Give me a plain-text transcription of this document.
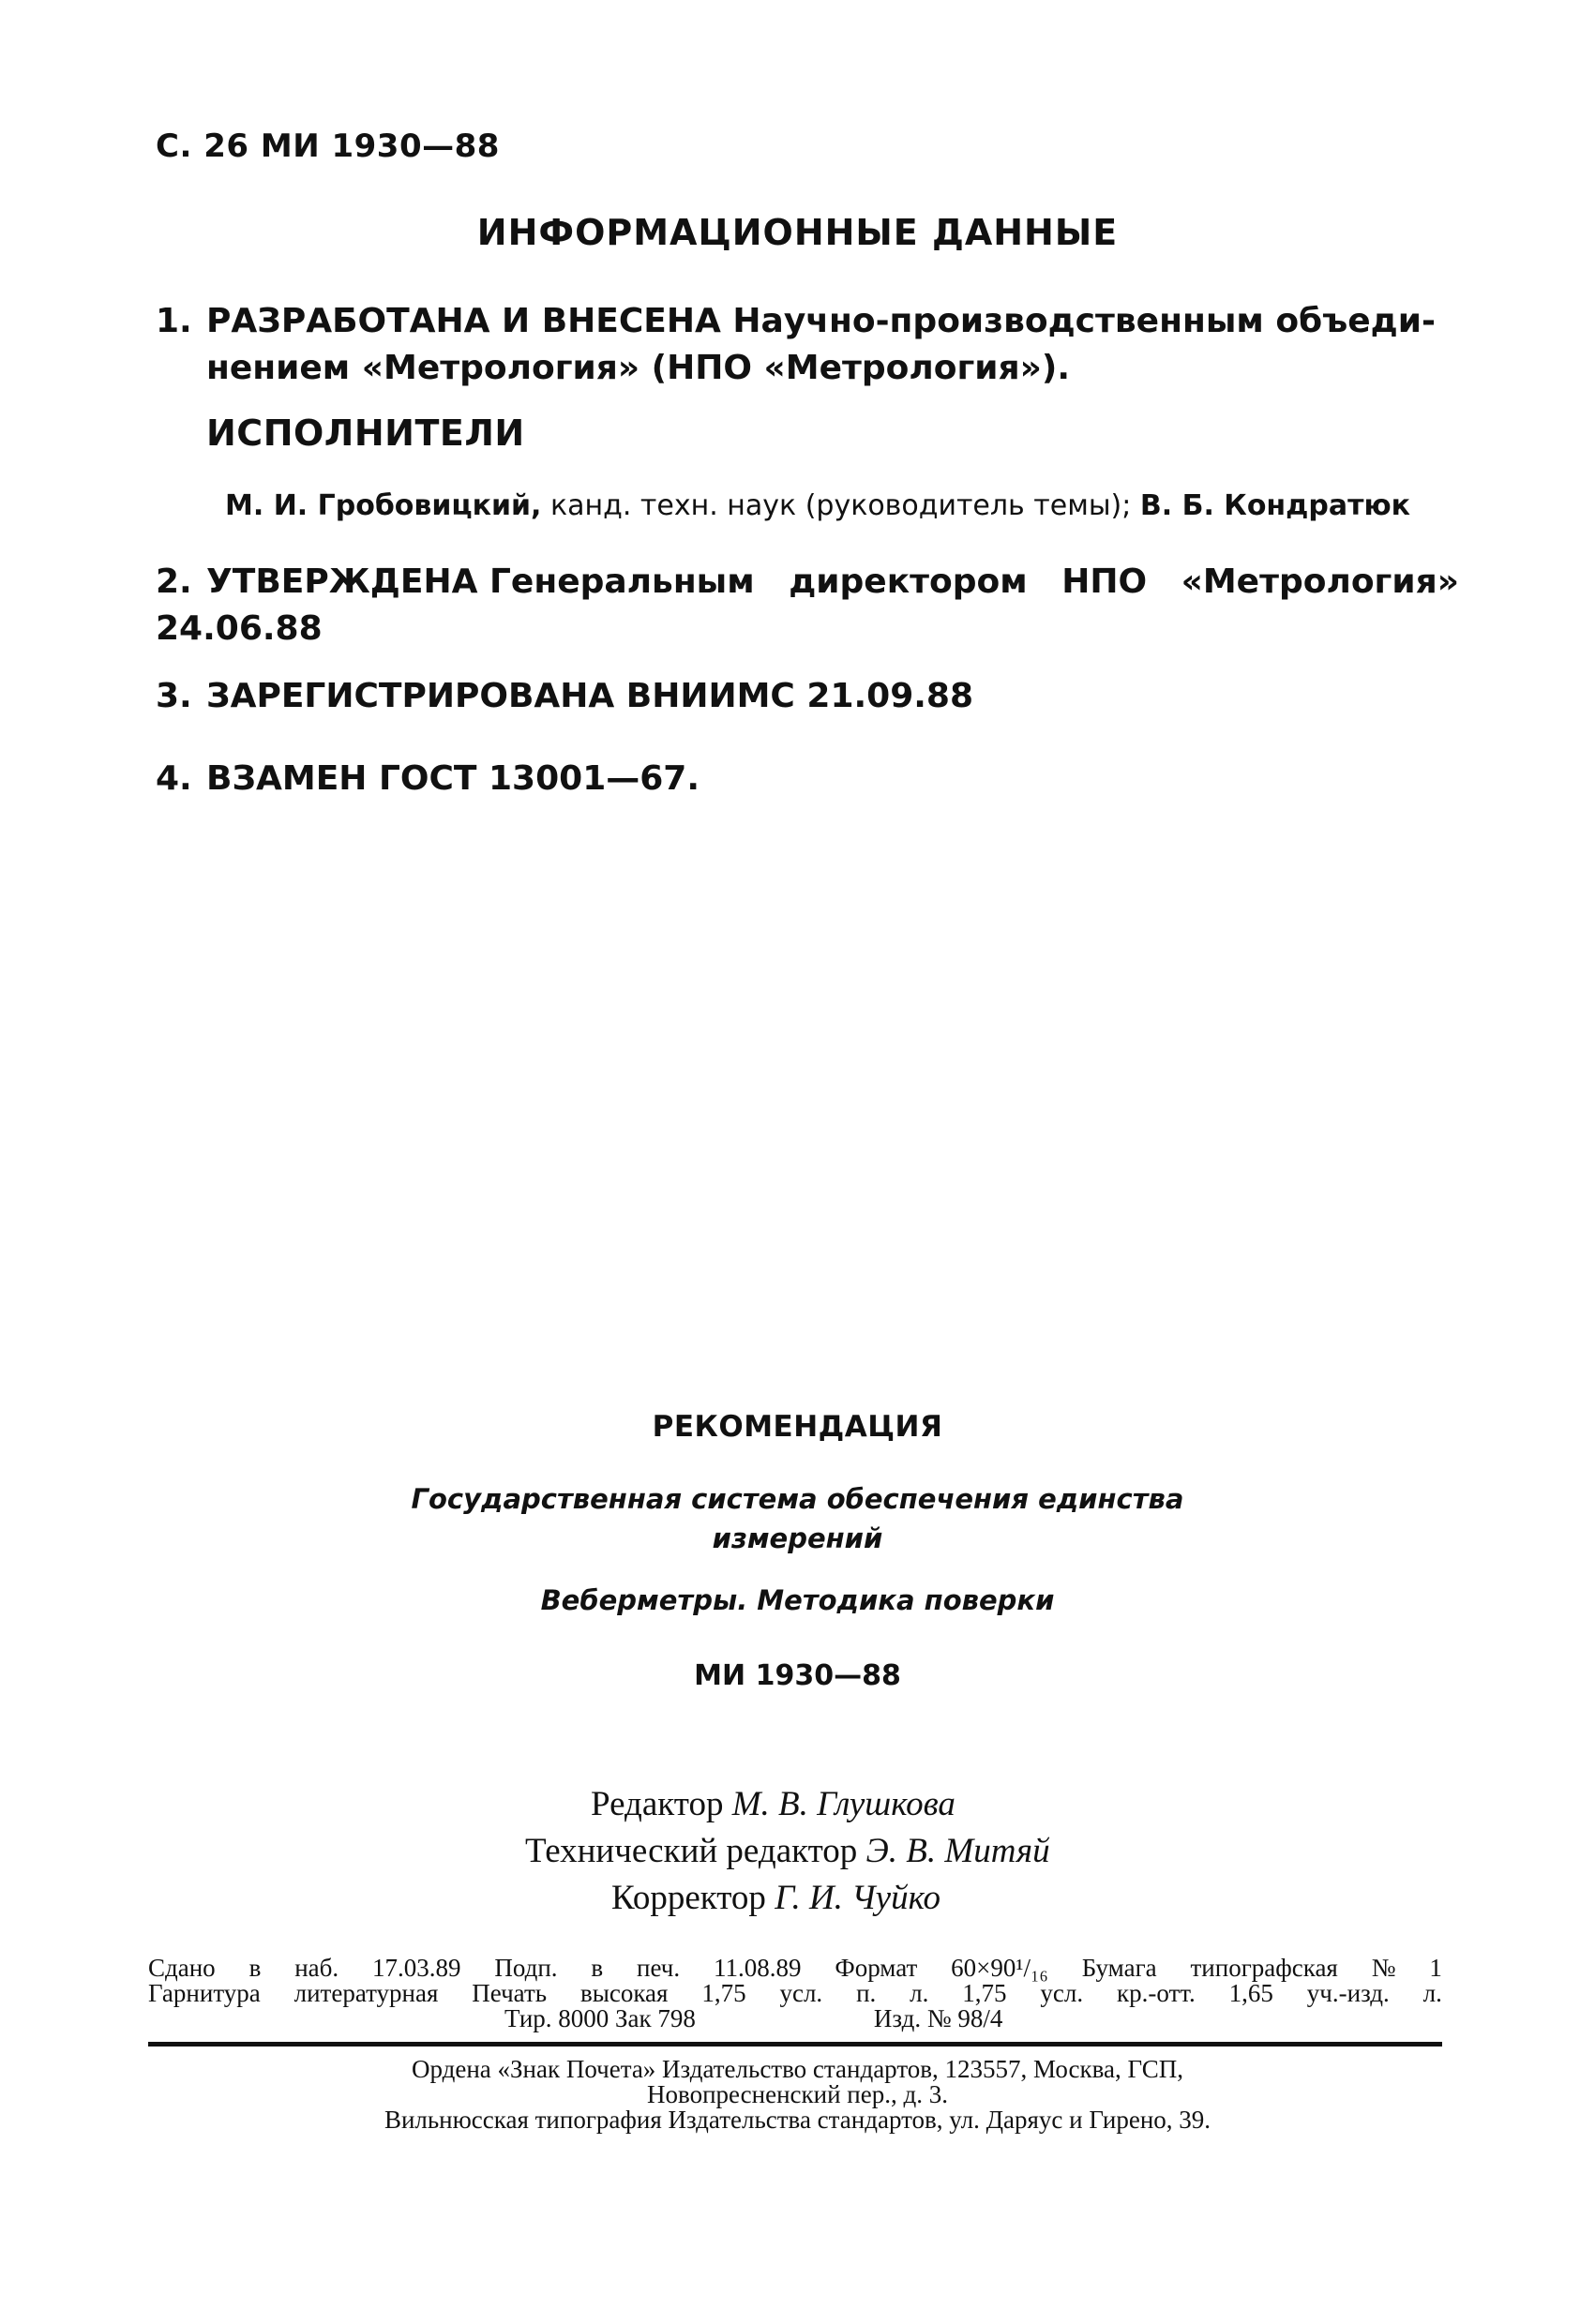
С. 26 МИ 1930—88
ИНФОРМАЦИОННЫЕ ДАННЫЕ
1. РАЗРАБОТАНА И ВНЕСЕНА Научно-производственным объеди-
нением «Метрология» (НПО «Метрология»).
ИСПОЛНИТЕЛИ
М. И. Гробовицкий, канд. техн. наук (руководитель темы); В. Б. Кондратюк
2. УТВЕРЖДЕНА Генеральным директором НПО «Метрология»
24.06.88
3. ЗАРЕГИСТРИРОВАНА ВНИИМС 21.09.88
4. ВЗАМЕН ГОСТ 13001—67.
РЕКОМЕНДАЦИЯ
Государственная система обеспечения единства
измерений
Веберметры. Методика поверки
МИ 1930—88
Редактор М. В. Глушкова
Технический редактор Э. В. Митяй
Корректор Г. И. Чуйко
Сдано в наб. 17.03.89 Подп. в печ. 11.08.89 Формат 60×90¹/₁₆ Бумага типографская № 1
Гарнитура литературная Печать высокая 1,75 усл. п. л. 1,75 усл. кр.-отт. 1,65 уч.-изд. л.
Тир. 8000 Зак 798	Изд. № 98/4
Ордена «Знак Почета» Издательство стандартов, 123557, Москва, ГСП,
Новопресненский пер., д. 3.
Вильнюсская типография Издательства стандартов, ул. Даряус и Гирено, 39.
